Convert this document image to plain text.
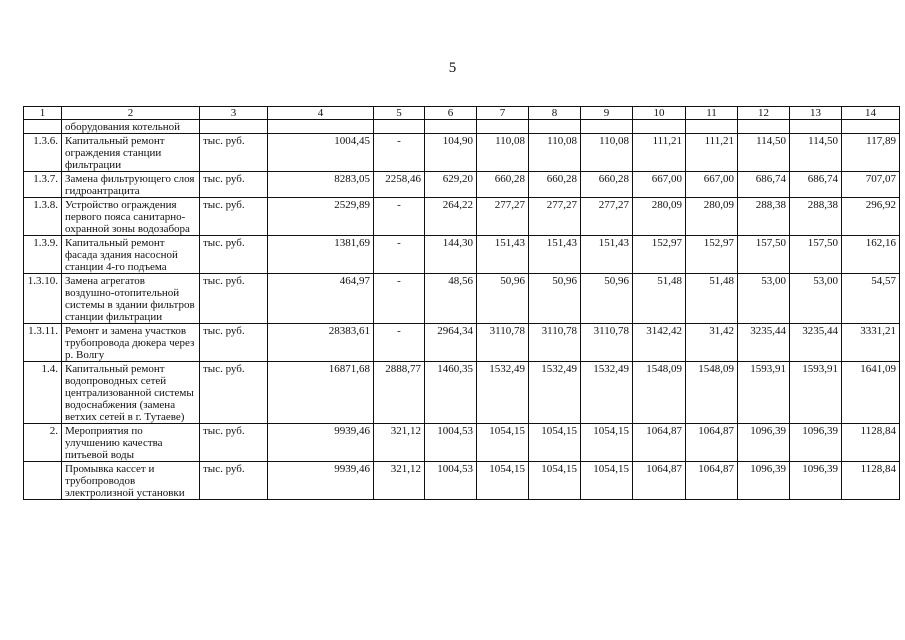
5
1	2	3	4	5	6	7	8	9	10	11	12	13	14
	оборудования котельной												
1.3.6.	Капитальный ремонт ограждения станции фильтрации	тыс. руб.	1004,45	-	104,90	110,08	110,08	110,08	111,21	111,21	114,50	114,50	117,89
1.3.7.	Замена фильтрующего слоя гидроантрацита	тыс. руб.	8283,05	2258,46	629,20	660,28	660,28	660,28	667,00	667,00	686,74	686,74	707,07
1.3.8.	Устройство ограждения первого пояса санитарно-охранной зоны водозабора	тыс. руб.	2529,89	-	264,22	277,27	277,27	277,27	280,09	280,09	288,38	288,38	296,92
1.3.9.	Капитальный ремонт фасада здания насосной станции 4-го подъема	тыс. руб.	1381,69	-	144,30	151,43	151,43	151,43	152,97	152,97	157,50	157,50	162,16
1.3.10.	Замена агрегатов воздушно-отопительной системы в здании фильтров станции фильтрации	тыс. руб.	464,97	-	48,56	50,96	50,96	50,96	51,48	51,48	53,00	53,00	54,57
1.3.11.	Ремонт и замена участков трубопровода дюкера через р. Волгу	тыс. руб.	28383,61	-	2964,34	3110,78	3110,78	3110,78	3142,42	31,42	3235,44	3235,44	3331,21
1.4.	Капитальный ремонт водопроводных сетей централизованной системы водоснабжения (замена ветхих сетей в г. Тутаеве)	тыс. руб.	16871,68	2888,77	1460,35	1532,49	1532,49	1532,49	1548,09	1548,09	1593,91	1593,91	1641,09
2.	Мероприятия по улучшению качества питьевой воды	тыс. руб.	9939,46	321,12	1004,53	1054,15	1054,15	1054,15	1064,87	1064,87	1096,39	1096,39	1128,84
	Промывка кассет и трубопроводов электролизной установки	тыс. руб.	9939,46	321,12	1004,53	1054,15	1054,15	1054,15	1064,87	1064,87	1096,39	1096,39	1128,84
